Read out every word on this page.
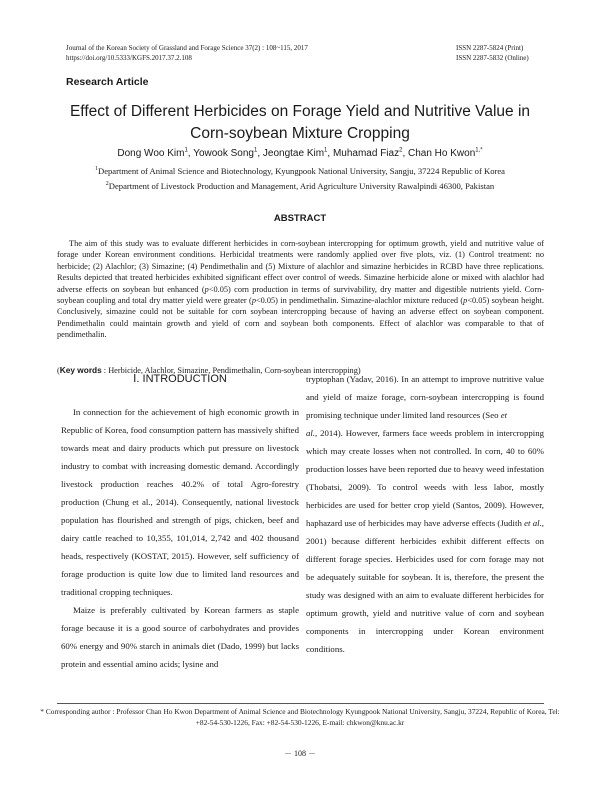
Journal of the Korean Society of Grassland and Forage Science 37(2) : 108~115, 2017
https://doi.org/10.5333/KGFS.2017.37.2.108
ISSN 2287-5824 (Print)
ISSN 2287-5832 (Online)
Research Article
Effect of Different Herbicides on Forage Yield and Nutritive Value in
Corn-soybean Mixture Cropping
Dong Woo Kim$^1$, Yowook Song$^1$, Jeongtae Kim$^1$, Muhamad Fiaz$^2$, Chan Ho Kwon$^{1,*}$
$^1$Department of Animal Science and Biotechnology, Kyungpook National University, Sangju, 37224 Republic of Korea
$^2$Department of Livestock Production and Management, Arid Agriculture University Rawalpindi 46300, Pakistan
ABSTRACT

The aim of this study was to evaluate different herbicides in corn-soybean intercropping for optimum growth, yield and nutritive value of forage under Korean environment conditions. Herbicidal treatments were randomly applied over five plots, viz. (1) Control treatment: no herbicide; (2) Alachlor; (3) Simazine; (4) Pendimethalin and (5) Mixture of alachlor and simazine herbicides in RCBD have three replications. Results depicted that treated herbicides exhibited significant effect over control of weeds. Simazine herbicide alone or mixed with alachlor had adverse effects on soybean but enhanced (p<0.05) corn production in terms of survivability, dry matter and digestible nutrients yield. Corn-soybean coupling and total dry matter yield were greater (p<0.05) in pendimethalin. Simazine-alachlor mixture reduced (p<0.05) soybean height. Conclusively, simazine could not be suitable for corn soybean intercropping because of having an adverse effect on soybean component. Pendimethalin could maintain growth and yield of corn and soybean both components. Effect of alachlor was comparable to that of pendimethalin.

(Key words : Herbicide, Alachlor, Simazine, Pendimethalin, Corn-soybean intercropping)

Ⅰ. INTRODUCTION

In connection for the achievement of high economic growth in Republic of Korea, food consumption pattern has massively shifted towards meat and dairy products which put pressure on livestock industry to combat with increasing domestic demand. Accordingly livestock production reaches 40.2% of total Agro-forestry production (Chung et al., 2014). Consequently, national livestock population has flourished and strength of pigs, chicken, beef and dairy cattle reached to 10,355, 101,014, 2,742 and 402 thousand heads, respectively (KOSTAT, 2015). However, self sufficiency of forage production is quite low due to limited land resources and traditional cropping techniques.

Maize is preferably cultivated by Korean farmers as staple forage because it is a good source of carbohydrates and provides 60% energy and 90% starch in animals diet (Dado, 1999) but lacks protein and essential amino acids; lysine and

tryptophan (Yadav, 2016). In an attempt to improve nutritive value and yield of maize forage, corn-soybean intercropping is found promising technique under limited land resources (Seo et
al., 2014). However, farmers face weeds problem in intercropping which may create losses when not controlled. In corn, 40 to 60% production losses have been reported due to heavy weed infestation (Thobatsi, 2009). To control weeds with less labor, mostly herbicides are used for better crop yield (Santos, 2009). However, haphazard use of herbicides may have adverse effects (Judith et al., 2001) because different herbicides exhibit different effects on different forage species. Herbicides used for corn forage may not be adequately suitable for soybean. It is, therefore, the present the study was designed with an aim to evaluate different herbicides for optimum growth, yield and nutritive value of corn and soybean components in intercropping under Korean environment conditions.

* Corresponding author : Professor Chan Ho Kwon Department of Animal Science and Biotechnology Kyungpook National University, Sangju, 37224, Republic of Korea, Tel: +82-54-530-1226, Fax: +82-54-530-1226, E-mail: chkwon@knu.ac.kr
－ 108 －
